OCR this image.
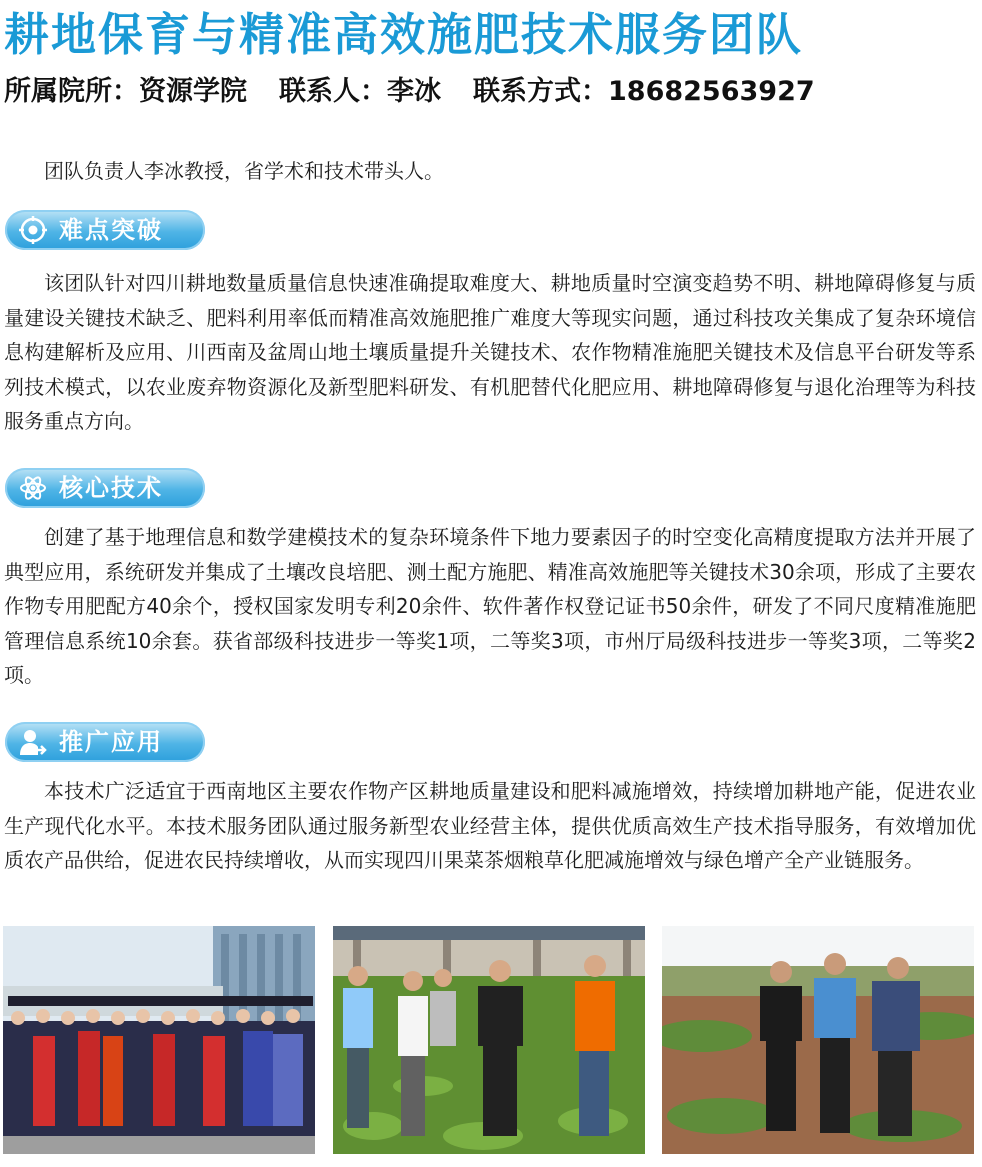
耕地保育与精准高效施肥技术服务团队
所属院所：资源学院 联系人：李冰 联系方式：18682563927
团队负责人李冰教授，省学术和技术带头人。
难点突破
该团队针对四川耕地数量质量信息快速准确提取难度大、耕地质量时空演变趋势不明、耕地障碍修复与质量建设关键技术缺乏、肥料利用率低而精准高效施肥推广难度大等现实问题，通过科技攻关集成了复杂环境信息构建解析及应用、川西南及盆周山地土壤质量提升关键技术、农作物精准施肥关键技术及信息平台研发等系列技术模式，以农业废弃物资源化及新型肥料研发、有机肥替代化肥应用、耕地障碍修复与退化治理等为科技服务重点方向。
核心技术
创建了基于地理信息和数学建模技术的复杂环境条件下地力要素因子的时空变化高精度提取方法并开展了典型应用，系统研发并集成了土壤改良培肥、测土配方施肥、精准高效施肥等关键技术30余项，形成了主要农作物专用肥配方40余个，授权国家发明专利20余件、软件著作权登记证书50余件，研发了不同尺度精准施肥管理信息系统10余套。获省部级科技进步一等奖1项，二等奖3项，市州厅局级科技进步一等奖3项，二等奖2项。
推广应用
本技术广泛适宜于西南地区主要农作物产区耕地质量建设和肥料减施增效，持续增加耕地产能，促进农业生产现代化水平。本技术服务团队通过服务新型农业经营主体，提供优质高效生产技术指导服务，有效增加优质农产品供给，促进农民持续增收，从而实现四川果菜茶烟粮草化肥减施增效与绿色增产全产业链服务。
